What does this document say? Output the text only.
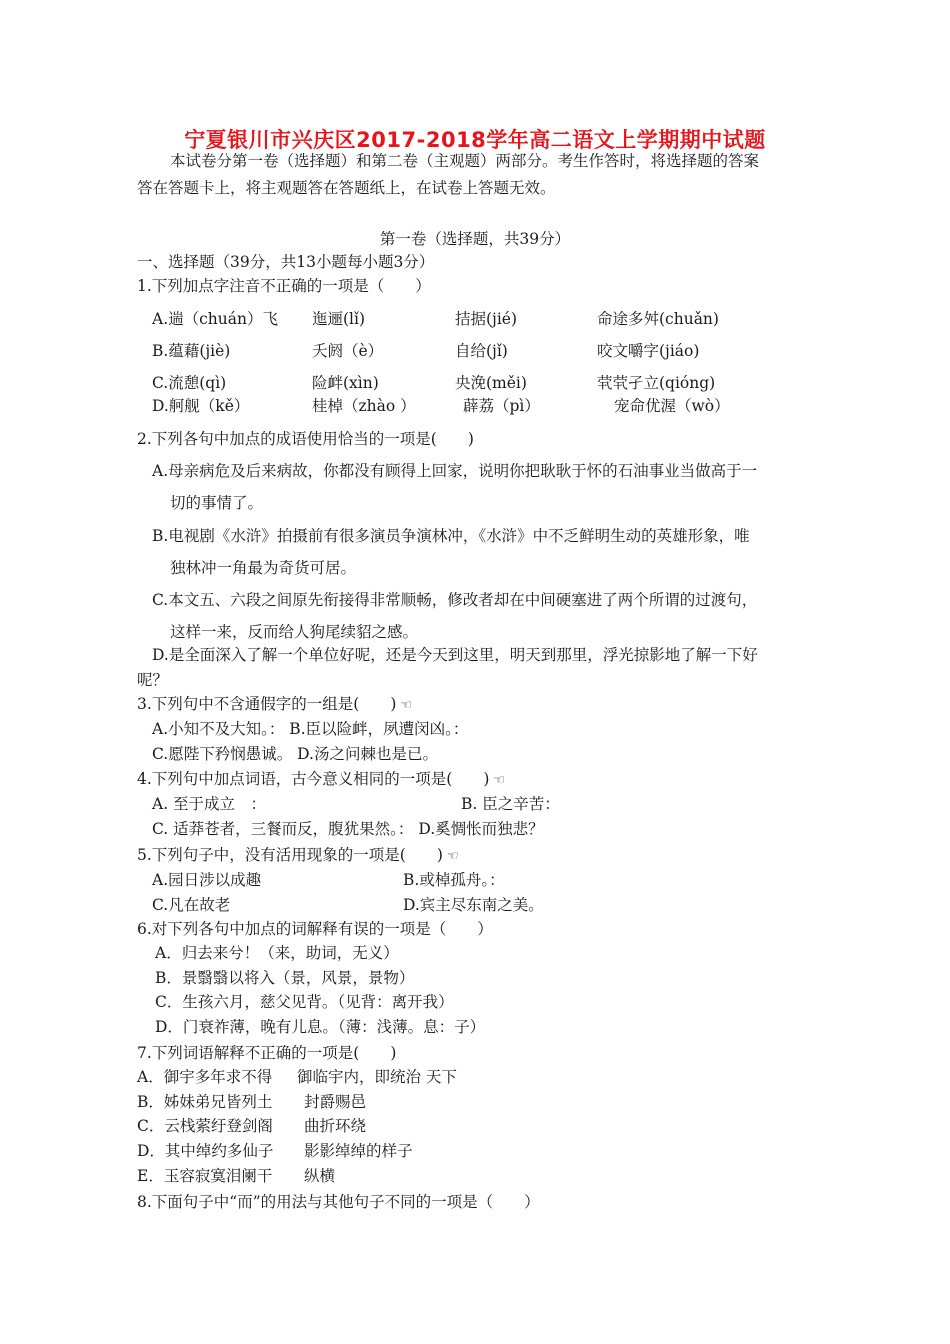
宁夏银川市兴庆区2017-2018学年高二语文上学期期中试题
本试卷分第一卷（选择题）和第二卷（主观题）两部分。考生作答时，将选择题的答案
答在答题卡上，将主观题答在答题纸上，在试卷上答题无效。
第一卷（选择题，共39分）
一、选择题（39分，共13小题每小题3分）
1.下列加点字注音不正确的一项是（　　）
A.遄（chuán）飞 迤逦(lǐ)	拮据(jié)	命途多舛(chuǎn)
B.蕴藉(jiè)	夭阏（è）	自给(jǐ)	咬文嚼字(jiáo)
C.流憩(qì)	险衅(xìn)	央浼(měi)	茕茕孑立(qióng)
D.舸舰（kě）	桂棹（zhào ）	薜荔（pì）	宠命优渥（wò）
2.下列各句中加点的成语使用恰当的一项是(　　)
A.母亲病危及后来病故，你都没有顾得上回家，说明你把耿耿于怀的石油事业当做高于一
切的事情了。
B.电视剧《水浒》拍摄前有很多演员争演林冲，《水浒》中不乏鲜明生动的英雄形象，唯
独林冲一角最为奇货可居。
C.本文五、六段之间原先衔接得非常顺畅，修改者却在中间硬塞进了两个所谓的过渡句，
这样一来，反而给人狗尾续貂之感。
D.是全面深入了解一个单位好呢，还是今天到这里，明天到那里，浮光掠影地了解一下好
呢？
3.下列句中不含通假字的一组是(　　) ☜
A.小知不及大知。： B.臣以险衅，夙遭闵凶。：
C.愿陛下矜悯愚诚。 D.汤之问棘也是已。
4.下列句中加点词语，古今意义相同的一项是(　　) ☜
A. 至于成立　：	B. 臣之辛苦：
C. 适莽苍者，三餐而反，腹犹果然。： D.奚惆怅而独悲？
5.下列句子中，没有活用现象的一项是(　　) ☜
A.园日涉以成趣	B.或棹孤舟。：
C.凡在故老	D.宾主尽东南之美。
6.对下列各句中加点的词解释有误的一项是（　　）
A．归去来兮！（来，助词，无义）
B．景翳翳以将入（景，风景，景物）
C．生孩六月，慈父见背。（见背：离开我）
D．门衰祚薄，晚有儿息。（薄：浅薄。息：子）
7.下列词语解释不正确的一项是(　　)
A．御宇多年求不得 御临宇内，即统治 天下
B．姊妹弟兄皆列土 封爵赐邑
C．云栈萦纡登剑阁 曲折环绕
D．其中绰约多仙子 影影绰绰的样子
E．玉容寂寞泪阑干 纵横
8.下面句子中“而”的用法与其他句子不同的一项是（　　）
